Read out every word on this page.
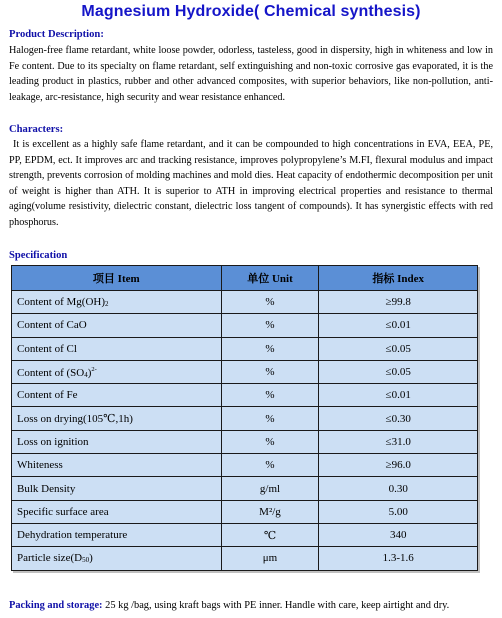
Magnesium Hydroxide( Chemical synthesis)
Product Description:
Halogen-free flame retardant, white loose powder, odorless, tasteless, good in dispersity, high in whiteness and low in Fe content. Due to its specialty on flame retardant, self extinguishing and non-toxic corrosive gas evaporated, it is the leading product in plastics, rubber and other advanced composites, with superior behaviors, like non-pollution, anti-leakage, arc-resistance, high security and wear resistance enhanced.
Characters:
It is excellent as a highly safe flame retardant, and it can be compounded to high concentrations in EVA, EEA, PE, PP, EPDM, ect. It improves arc and tracking resistance, improves polypropylene’s M.FI, flexural modulus and impact strength, prevents corrosion of molding machines and mold dies. Heat capacity of endothermic decomposition per unit of weight is higher than ATH. It is superior to ATH in improving electrical properties and resistance to thermal aging(volume resistivity, dielectric constant, dielectric loss tangent of compounds). It has synergistic effects with red phosphorus.
Specification
项目 Item	单位 Unit	指标 Index
Content of Mg(OH)2	%	≥99.8
Content of CaO	%	≤0.01
Content of Cl	%	≤0.05
Content of $(SO4)^{2-}$	%	≤0.05
Content of Fe	%	≤0.01
Loss on drying(105℃,1h)	%	≤0.30
Loss on ignition	%	≤31.0
Whiteness	%	≥96.0
Bulk Density	g/ml	0.30
Specific surface area	M²/g	5.00
Dehydration temperature	℃	340
Particle size(D50)	μm	1.3-1.6
Packing and storage: 25 kg /bag, using kraft bags with PE inner. Handle with care, keep airtight and dry.
